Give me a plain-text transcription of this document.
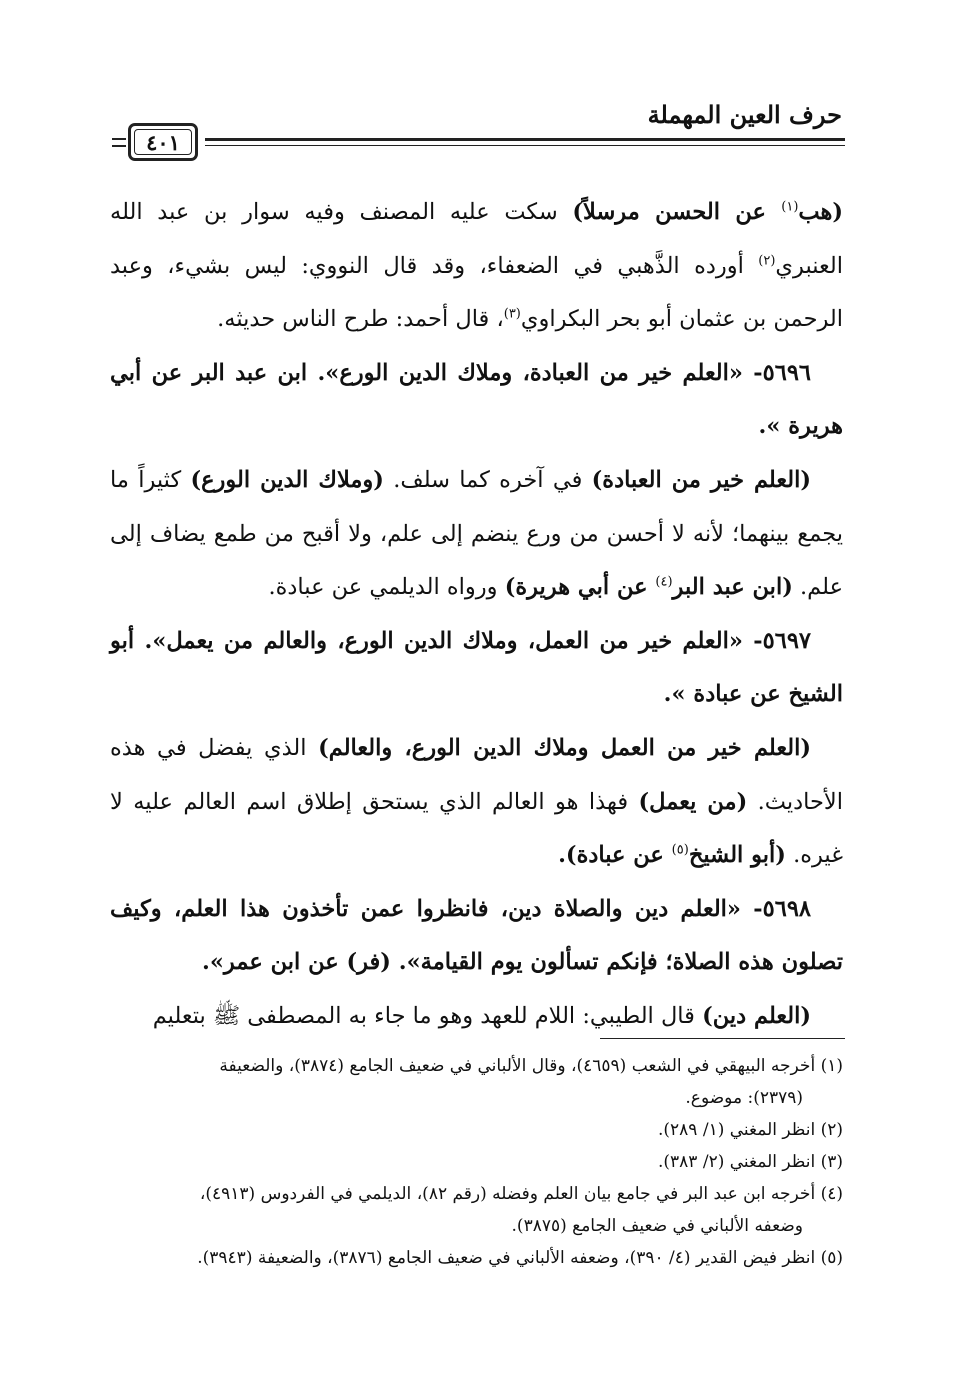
حرف العين المهملة
٤٠١

(هب$^{(١)}$ عن الحسن مرسلاً) سكت عليه المصنف وفيه سوار بن عبد الله العنبري$^{(٢)}$ أورده الذَّهبي في الضعفاء، وقد قال النووي: ليس بشيء، وعبد الرحمن بن عثمان أبو بحر البكراوي$^{(٣)}$، قال أحمد: طرح الناس حديثه.

٥٦٩٦- «العلم خير من العبادة، وملاك الدين الورع». ابن عبد البر عن أبي هريرة ».

(العلم خير من العبادة) في آخره كما سلف. (وملاك الدين الورع) كثيراً ما يجمع بينهما؛ لأنه لا أحسن من ورع ينضم إلى علم، ولا أقبح من طمع يضاف إلى علم. (ابن عبد البر$^{(٤)}$ عن أبي هريرة) ورواه الديلمي عن عبادة.

٥٦٩٧- «العلم خير من العمل، وملاك الدين الورع، والعالم من يعمل». أبو الشيخ عن عبادة ».

(العلم خير من العمل وملاك الدين الورع، والعالم) الذي يفضل في هذه الأحاديث. (من يعمل) فهذا هو العالم الذي يستحق إطلاق اسم العالم عليه لا غيره. (أبو الشيخ$^{(٥)}$ عن عبادة).

٥٦٩٨- «العلم دين والصلاة دين، فانظروا عمن تأخذون هذا العلم، وكيف تصلون هذه الصلاة؛ فإنكم تسألون يوم القيامة». (فر) عن ابن عمر».

(العلم دين) قال الطيبي: اللام للعهد وهو ما جاء به المصطفى ﷺ بتعليم

(١) أخرجه البيهقي في الشعب (٤٦٥٩)، وقال الألباني في ضعيف الجامع (٣٨٧٤)، والضعيفة

(٢٣٧٩): موضوع.

(٢) انظر المغني (١/ ٢٨٩).

(٣) انظر المغني (٢/ ٣٨٣).

(٤) أخرجه ابن عبد البر في جامع بيان العلم وفضله (رقم ٨٢)، الديلمي في الفردوس (٤٩١٣)،

وضعفه الألباني في ضعيف الجامع (٣٨٧٥).

(٥) انظر فيض القدير (٤/ ٣٩٠)، وضعفه الألباني في ضعيف الجامع (٣٨٧٦)، والضعيفة (٣٩٤٣).
